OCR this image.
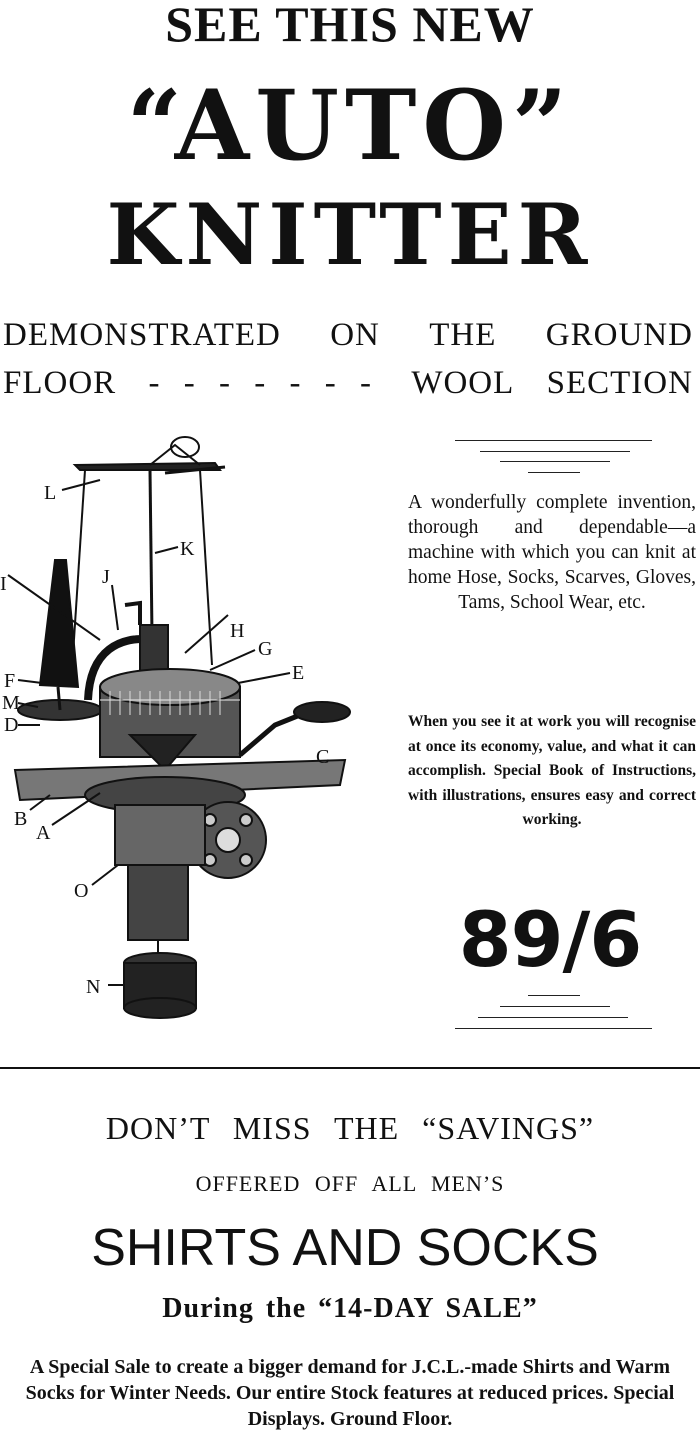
SEE THIS NEW
“AUTO”
KNITTER
DEMONSTRATED ON THE GROUND
FLOOR - - - - - - - WOOL SECTION
L
K
J
I
H
G
F
M
D
E
C
B
A
O
N
A wonderfully complete invention, thorough and dependable—a machine with which you can knit at home Hose, Socks, Scarves, Gloves, Tams, School Wear, etc.
When you see it at work you will recognise at once its economy, value, and what it can accomplish. Special Book of Instructions, with illustrations, ensures easy and correct working.
89/6
DON’T MISS THE “SAVINGS”
OFFERED OFF ALL MEN’S
SHIRTS AND SOCKS
During the “14-DAY SALE”
A Special Sale to create a bigger demand for J.C.L.-made Shirts and Warm Socks for Winter Needs. Our entire Stock features at reduced prices. Special Displays. Ground Floor.
